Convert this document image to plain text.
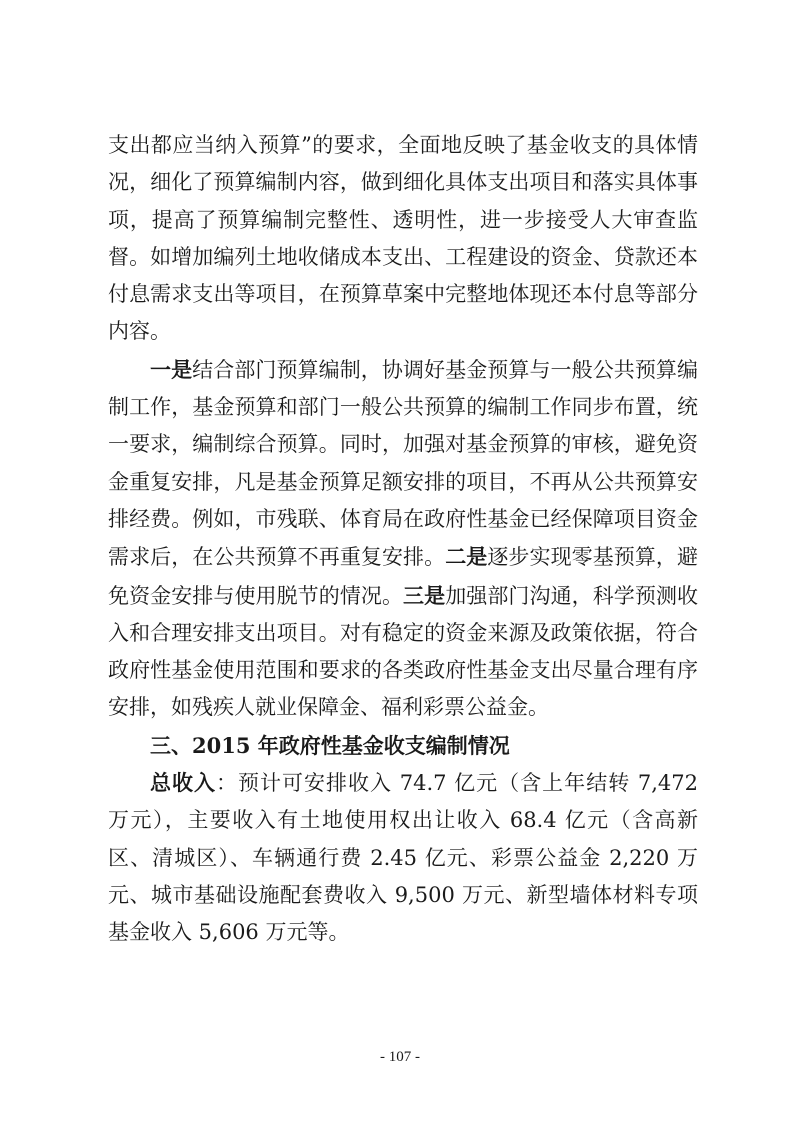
支出都应当纳入预算”的要求，全面地反映了基金收支的具体情况，细化了预算编制内容，做到细化具体支出项目和落实具体事项，提高了预算编制完整性、透明性，进一步接受人大审查监督。如增加编列土地收储成本支出、工程建设的资金、贷款还本付息需求支出等项目，在预算草案中完整地体现还本付息等部分内容。

一是结合部门预算编制，协调好基金预算与一般公共预算编制工作，基金预算和部门一般公共预算的编制工作同步布置，统一要求，编制综合预算。同时，加强对基金预算的审核，避免资金重复安排，凡是基金预算足额安排的项目，不再从公共预算安排经费。例如，市残联、体育局在政府性基金已经保障项目资金需求后，在公共预算不再重复安排。二是逐步实现零基预算，避免资金安排与使用脱节的情况。三是加强部门沟通，科学预测收入和合理安排支出项目。对有稳定的资金来源及政策依据，符合政府性基金使用范围和要求的各类政府性基金支出尽量合理有序安排，如残疾人就业保障金、福利彩票公益金。

三、2015 年政府性基金收支编制情况

总收入：预计可安排收入 74.7 亿元（含上年结转 7,472 万元），主要收入有土地使用权出让收入 68.4 亿元（含高新区、清城区）、车辆通行费 2.45 亿元、彩票公益金 2,220 万元、城市基础设施配套费收入 9,500 万元、新型墙体材料专项基金收入 5,606 万元等。

- 107 -
